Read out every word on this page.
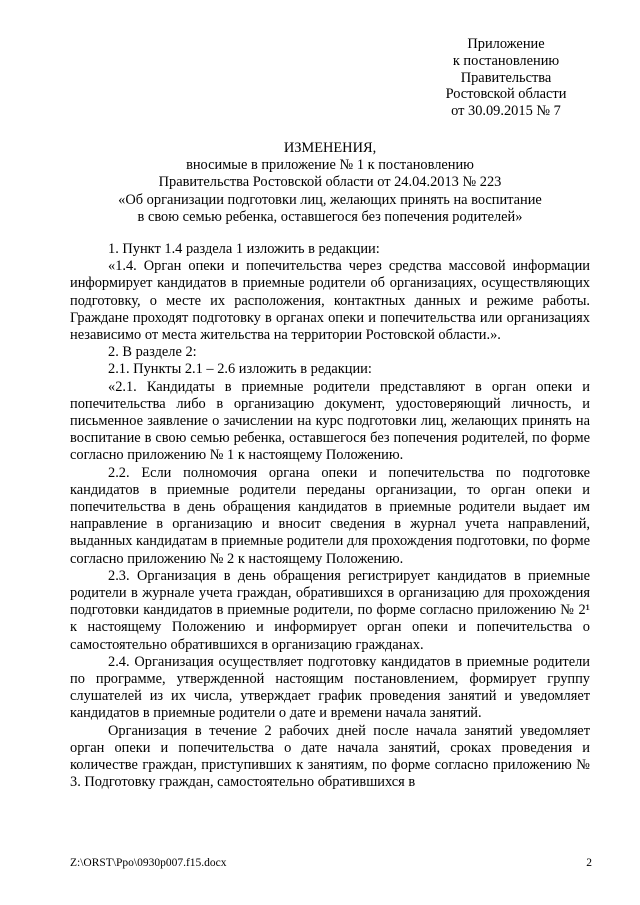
Приложение
к постановлению
Правительства
Ростовской области
от 30.09.2015 № 7
ИЗМЕНЕНИЯ,
вносимые в приложение № 1 к постановлению
Правительства Ростовской области от 24.04.2013 № 223
«Об организации подготовки лиц, желающих принять на воспитание
в свою семью ребенка, оставшегося без попечения родителей»

1. Пункт 1.4 раздела 1 изложить в редакции:

«1.4. Орган опеки и попечительства через средства массовой информации информирует кандидатов в приемные родители об организациях, осуществляющих подготовку, о месте их расположения, контактных данных и режиме работы. Граждане проходят подготовку в органах опеки и попечительства или организациях независимо от места жительства на территории Ростовской области.».

2. В разделе 2:

2.1. Пункты 2.1 – 2.6 изложить в редакции:

«2.1. Кандидаты в приемные родители представляют в орган опеки и попечительства либо в организацию документ, удостоверяющий личность, и письменное заявление о зачислении на курс подготовки лиц, желающих принять на воспитание в свою семью ребенка, оставшегося без попечения родителей, по форме согласно приложению № 1 к настоящему Положению.

2.2. Если полномочия органа опеки и попечительства по подготовке кандидатов в приемные родители переданы организации, то орган опеки и попечительства в день обращения кандидатов в приемные родители выдает им направление в организацию и вносит сведения в журнал учета направлений, выданных кандидатам в приемные родители для прохождения подготовки, по форме согласно приложению № 2 к настоящему Положению.

2.3. Организация в день обращения регистрирует кандидатов в приемные родители в журнале учета граждан, обратившихся в организацию для прохождения подготовки кандидатов в приемные родители, по форме согласно приложению № 2¹ к настоящему Положению и информирует орган опеки и попечительства о самостоятельно обратившихся в организацию гражданах.

2.4. Организация осуществляет подготовку кандидатов в приемные родители по программе, утвержденной настоящим постановлением, формирует группу слушателей из их числа, утверждает график проведения занятий и уведомляет кандидатов в приемные родители о дате и времени начала занятий.

Организация в течение 2 рабочих дней после начала занятий уведомляет орган опеки и попечительства о дате начала занятий, сроках проведения и количестве граждан, приступивших к занятиям, по форме согласно приложению № 3. Подготовку граждан, самостоятельно обратившихся в

Z:\ORST\Ppo\0930p007.f15.docx	2
